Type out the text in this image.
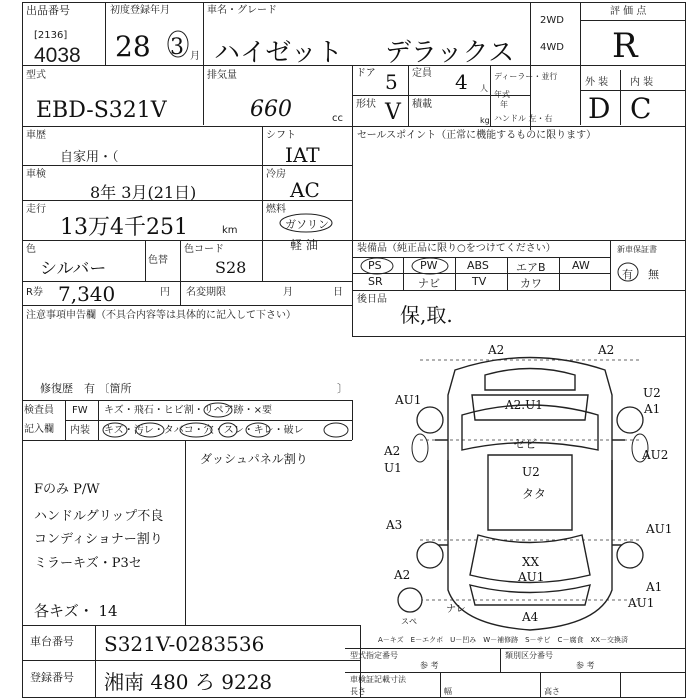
出品番号
[2136]
4038
初度登録年月
28 3 月
車名・グレード
ハイゼット デラックス
2WD
4WD
評 価 点
R
外 装 内 装
D C
型式
EBD-S321V
排気量
660	cc
ドア 5 定員 4 人
形状 V 積載
kg
ディーラー・並行
年式
年
ハンドル 左・右
車歴
自家用・（
シフト
IAT
車検
8年 3月(21日)
冷房
AC
走行
13万4千251	km
燃料
ガソリン
軽 油
色
シルバー	色替
色コード
S28
R券 7,340	円 名変期限	月	日
注意事項申告欄（不具合内容等は具体的に記入して下さい）
修復歴　有 〔箇所	〕
検査員
記入欄
FW キズ・飛石・ヒビ割・リペア跡・×要
内装 キズ・汚レ・タバコ・穴・スレ・キレ・破レ
ダッシュパネル割り
Fのみ P/W
ハンドルグリップ不良
コンディショナー割り
ミラーキズ・P3セ
各キズ・ 14
セールスポイント（正常に機能するものに限ります）
装備品（純正品に限り○をつけてください）
PS	PW	ABS エアB AW
SR	ナビ	TV	カワ
新車保証書
有 無
後日品
保,取.
A2	A2
AU1	A2.U1
U2
A1
セビ
AU2
A2
U1	U2
タタ
A3	AU1
A2
XX
AU1
A1
AU1
ナレ
A4
スぺ
A－キズ　E－エクボ　U－凹み　W－補修跡　S－サビ　C－腐食　XX－交換済
車台番号 S321V-0283536
登録番号 湘南 480 ろ 9228
型式指定番号
参 考
類別区分番号
参 考
車検証記載寸法
長さ	幅	高さ
